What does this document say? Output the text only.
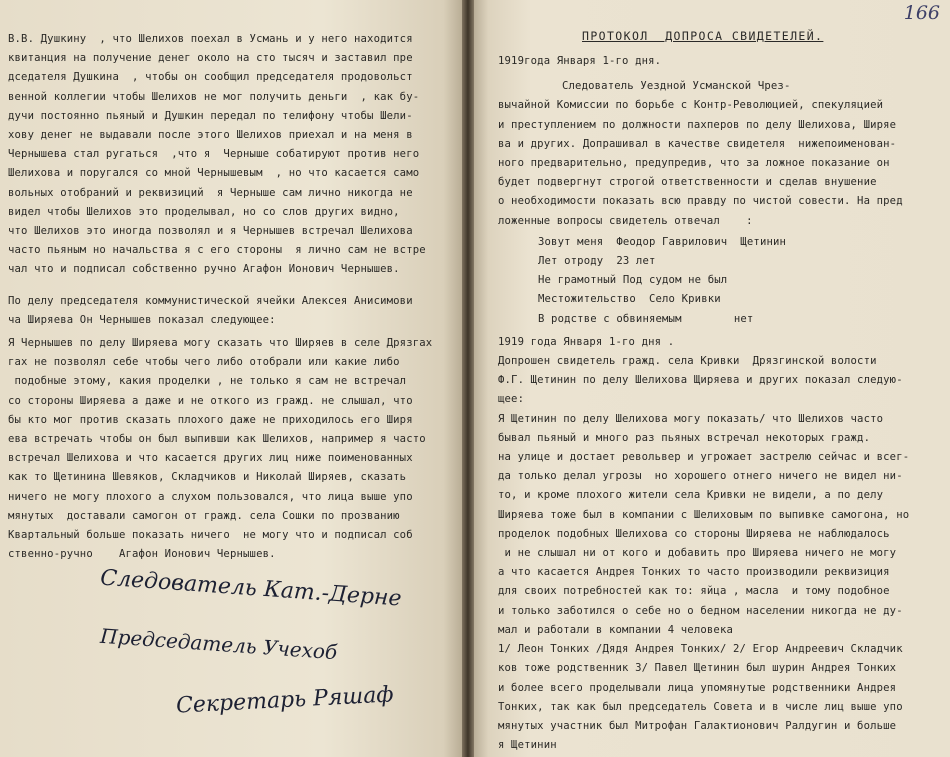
В.В. Душкину  , что Шелихов поехал в Усмань и у него находится
квитанция на получение денег около на сто тысяч и заставил пре
дседателя Душкина  , чтобы он сообщил председателя продовольст
венной коллегии чтобы Шелихов не мог получить деньги  , как бу-
дучи постоянно пьяный и Душкин передал по телифону чтобы Шели-
хову денег не выдавали после этого Шелихов приехал и на меня в
Чернышева стал ругаться  ,что я  Черныше собатируют против него
Шелихова и поругался со мной Чернышевым  , но что касается само
вольных отобраний и реквизиций  я Черныше сам лично никогда не
видел чтобы Шелихов это проделывал, но со слов других видно,
что Шелихов это иногда позволял и я Чернышев встречал Шелихова
часто пьяным но начальства я с его стороны  я лично сам не встре
чал что и подписал собственно ручно Агафон Ионович Чернышев.
По делу председателя коммунистической ячейки Алексея Анисимови
ча Ширяева Он Чернышев показал следующее:
Я Чернышев по делу Ширяева могу сказать что Ширяев в селе Дрязгах
гах не позволял себе чтобы чего либо отобрали или какие либо
подобные этому, какия проделки , не только я сам не встречал
со стороны Ширяева а даже и не откого из гражд. не слышал, что
бы кто мог против сказать плохого даже не приходилось его Ширя
ева встречать чтобы он был выпивши как Шелихов, например я часто
встречал Шелихова и что касается других лиц ниже поименованных
как то Щетинина Шевяков, Складчиков и Николай Ширяев, сказать
ничего не могу плохого а слухом пользовался, что лица выше упо
мянутых  доставали самогон от гражд. села Сошки по прозванию
Квартальный больше показать ничего  не могу что и подписал соб
ственно-ручно    Агафон Ионович Чернышев.
Следователь Кат.-Дерне
Председатель Учехоб
Секретарь Ряшаф
166
ПРОТОКОЛ  ДОПРОСА СВИДЕТЕЛЕЙ.
1919года Января 1-го дня.
Следователь Уездной Усманской Чрез-
вычайной Комиссии по борьбе с Контр-Революцией, спекуляцией
и преступлением по должности пахперов по делу Шелихова, Ширяе
ва и других. Допрашивал в качестве свидетеля  нижепоименован-
ного предварительно, предупредив, что за ложное показание он
будет подвергнут строгой ответственности и сделав внушение
о необходимости показать всю правду по чистой совести. На пред
ложенные вопросы свидетель отвечал    :
Зовут меня  Феодор Гаврилович  Щетинин
Лет отроду  23 лет
Не грамотный Под судом не был
Местожительство  Село Кривки
В родстве с обвиняемым        нет
1919 года Января 1-го дня .
Допрошен свидетель гражд. села Кривки  Дрязгинской волости
Ф.Г. Щетинин по делу Шелихова Щиряева и других показал следую-
щее:
Я Щетинин по делу Шелихова могу показать/ что Шелихов часто
бывал пьяный и много раз пьяных встречал некоторых гражд.
на улице и достает револьвер и угрожает застрелю сейчас и всег-
да только делал угрозы  но хорошего отнего ничего не видел ни-
то, и кроме плохого жители села Кривки не видели, а по делу
Ширяева тоже был в компании с Шелиховым по выпивке самогона, но
проделок подобных Шелихова со стороны Ширяева не наблюдалось
и не слышал ни от кого и добавить про Ширяева ничего не могу
а что касается Андрея Тонких то часто производили реквизиция
для своих потребностей как то: яйца , масла  и тому подобное
и только заботился о себе но о бедном населении никогда не ду-
мал и работали в компании 4 человека
1/ Леон Тонких /Дядя Андрея Тонких/ 2/ Егор Андреевич Складчик
ков тоже родственник 3/ Павел Щетинин был шурин Андрея Тонких
и более всего проделывали лица упомянутые родственники Андрея
Тонких, так как был председатель Совета и в числе лиц выше упо
мянутых участник был Митрофан Галактионович Ралдугин и больше
я Щетинин
